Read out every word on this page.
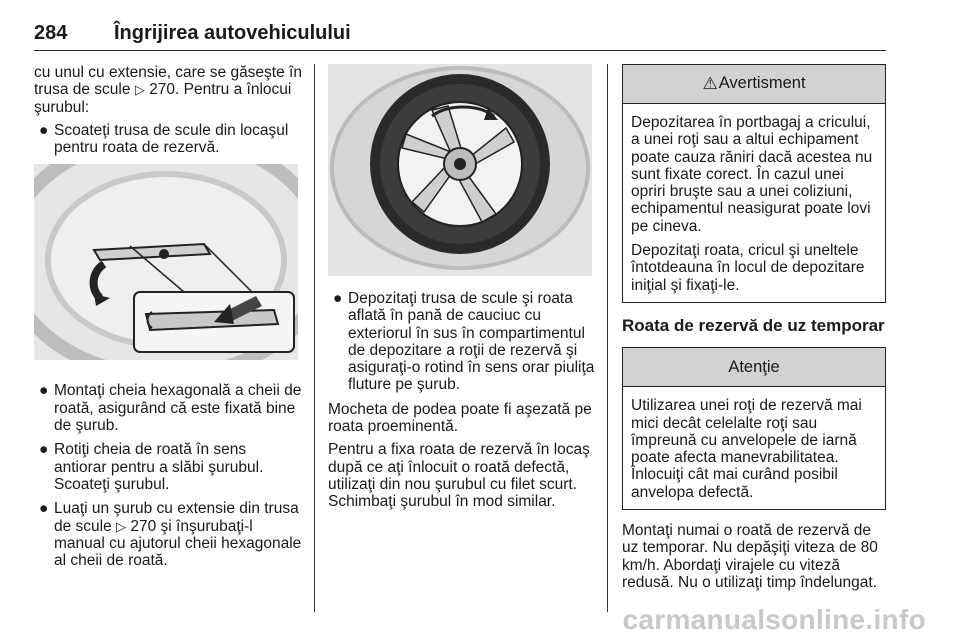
284 Îngrijirea autovehiculului

cu unul cu extensie, care se găseşte în trusa de scule ▷ 270. Pentru a înlocui şurubul:

● Scoateţi trusa de scule din locaşul pentru roata de rezervă.
● Montaţi cheia hexagonală a cheii de roată, asigurând că este fixată bine de şurub.
● Rotiţi cheia de roată în sens antiorar pentru a slăbi şurubul. Scoateţi şurubul.
● Luaţi un şurub cu extensie din trusa de scule ▷ 270 şi înşurubaţi-l manual cu ajutorul cheii hexagonale al cheii de roată.
● Depozitaţi trusa de scule şi roata aflată în pană de cauciuc cu exteriorul în sus în compartimentul de depozitare a roţii de rezervă şi asiguraţi-o rotind în sens orar piuliţa fluture pe şurub.

Mocheta de podea poate fi aşezată pe roata proeminentă.

Pentru a fixa roata de rezervă în locaş după ce aţi înlocuit o roată defectă, utilizaţi din nou şurubul cu filet scurt. Schimbaţi şurubul în mod similar.

⚠ Avertisment

Depozitarea în portbagaj a cricului, a unei roţi sau a altui echipament poate cauza răniri dacă acestea nu sunt fixate corect. În cazul unei opriri bruşte sau a unei coliziuni, echipamentul neasigurat poate lovi pe cineva.

Depozitaţi roata, cricul şi uneltele întotdeauna în locul de depozitare iniţial şi fixaţi-le.

Roata de rezervă de uz temporar
Atenţie

Utilizarea unei roţi de rezervă mai mici decât celelalte roţi sau împreună cu anvelopele de iarnă poate afecta manevrabilitatea. Înlocuiţi cât mai curând posibil anvelopa defectă.

Montaţi numai o roată de rezervă de uz temporar. Nu depăşiţi viteza de 80 km/h. Abordaţi virajele cu viteză redusă. Nu o utilizaţi timp îndelungat.

carmanualsonline.info
